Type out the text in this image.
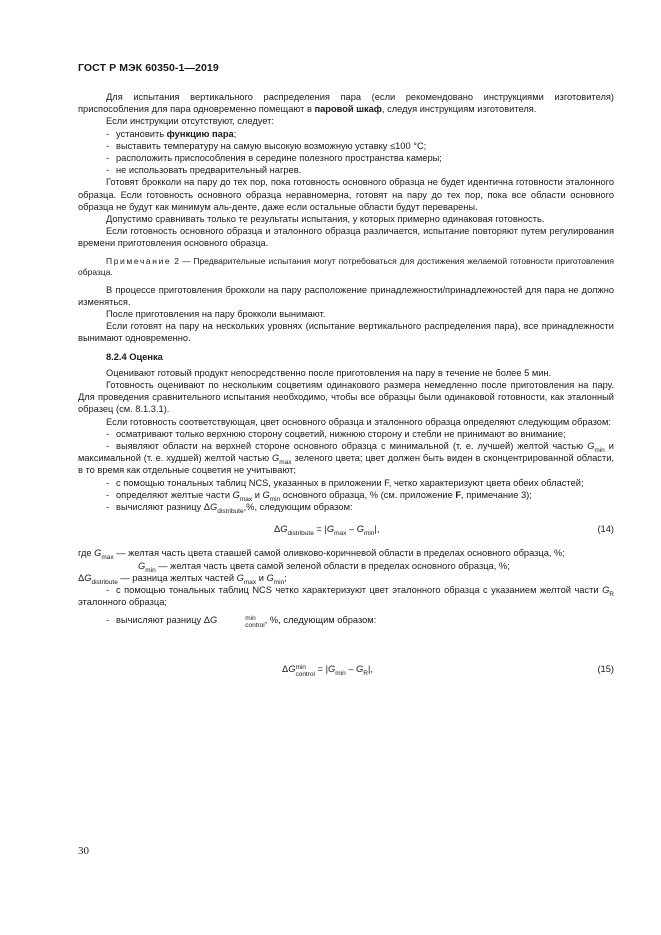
ГОСТ Р МЭК 60350-1—2019

Для испытания вертикального распределения пара (если рекомендовано инструкциями изготовителя) приспособления для пара одновременно помещают в паровой шкаф, следуя инструкциям изготовителя.

Если инструкции отсутствуют, следует:

- установить функцию пара;

- выставить температуру на самую высокую возможную уставку ≤100 °C;

- расположить приспособления в середине полезного пространства камеры;

- не использовать предварительный нагрев.

Готовят брокколи на пару до тех пор, пока готовность основного образца не будет идентична готовности эталонного образца. Если готовность основного образца неравномерна, готовят на пару до тех пор, пока все области основного образца не будут как минимум аль-денте, даже если остальные области будут переварены.

Допустимо сравнивать только те результаты испытания, у которых примерно одинаковая готовность.

Если готовность основного образца и эталонного образца различается, испытание повторяют путем регулирования времени приготовления основного образца.

Примечание 2 — Предварительные испытания могут потребоваться для достижения желаемой готовности приготовления образца.

В процессе приготовления брокколи на пару расположение принадлежности/принадлежностей для пара не должно изменяться.

После приготовления на пару брокколи вынимают.

Если готовят на пару на нескольких уровнях (испытание вертикального распределения пара), все принадлежности вынимают одновременно.

8.2.4 Оценка

Оценивают готовый продукт непосредственно после приготовления на пару в течение не более 5 мин.

Готовность оценивают по нескольким соцветиям одинакового размера немедленно после приготовления на пару. Для проведения сравнительного испытания необходимо, чтобы все образцы были одинаковой готовности, как эталонный образец (см. 8.1.3.1).

Если готовность соответствующая, цвет основного образца и эталонного образца определяют следующим образом:

- осматривают только верхнюю сторону соцветий, нижнюю сторону и стебли не принимают во внимание;

- выявляют области на верхней стороне основного образца с минимальной (т. е. лучшей) желтой частью $G_{min}$ и максимальной (т. е. худшей) желтой частью $G_{max}$ зеленого цвета; цвет должен быть виден в сконцентрированной области, в то время как отдельные соцветия не учитывают;

- с помощью тональных таблиц NCS, указанных в приложении F, четко характеризуют цвета обеих областей;

- определяют желтые части $G_{max}$ и $G_{min}$ основного образца, % (см. приложение F, примечание 3);

- вычисляют разницу $\Delta G_{distribute},\%$, следующим образом:

$\Delta G_{distribute} = |G_{max} - G_{min}|$,	(14)

где $G_{max}$ — желтая часть цвета ставшей самой оливково-коричневой области в пределах основного образца, %;

$G_{min}$ — желтая часть цвета самой зеленой области в пределах основного образца, %;

$\Delta G_{distribute}$ — разница желтых частей $G_{max}$ и $G_{min}$;

- с помощью тональных таблиц NCS четко характеризуют цвет эталонного образца с указанием желтой части $G_R$ эталонного образца;

- вычисляют разницу ΔG	min
control
, %, следующим образом:

ΔG min
control
= $|G_{min} - G_R|$,	(15)
30
